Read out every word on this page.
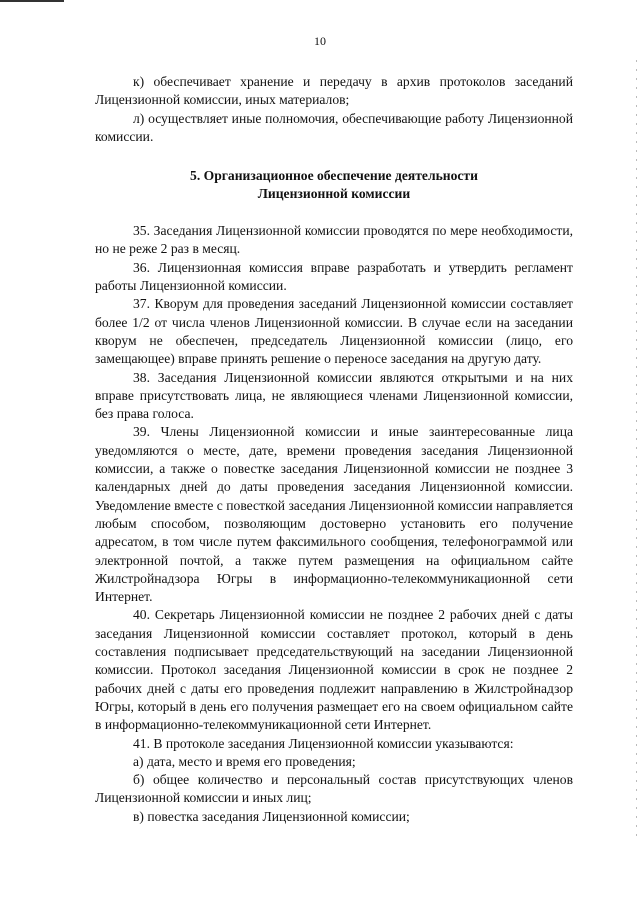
10

к) обеспечивает хранение и передачу в архив протоколов заседаний Лицензионной комиссии, иных материалов;

л) осуществляет иные полномочия, обеспечивающие работу Лицензионной комиссии.

5. Организационное обеспечение деятельности
Лицензионной комиссии

35. Заседания Лицензионной комиссии проводятся по мере необходимости, но не реже 2 раз в месяц.

36. Лицензионная комиссия вправе разработать и утвердить регламент работы Лицензионной комиссии.

37. Кворум для проведения заседаний Лицензионной комиссии составляет более 1/2 от числа членов Лицензионной комиссии. В случае если на заседании кворум не обеспечен, председатель Лицензионной комиссии (лицо, его замещающее) вправе принять решение о переносе заседания на другую дату.

38. Заседания Лицензионной комиссии являются открытыми и на них вправе присутствовать лица, не являющиеся членами Лицензионной комиссии, без права голоса.

39. Члены Лицензионной комиссии и иные заинтересованные лица уведомляются о месте, дате, времени проведения заседания Лицензионной комиссии, а также о повестке заседания Лицензионной комиссии не позднее 3 календарных дней до даты проведения заседания Лицензионной комиссии. Уведомление вместе с повесткой заседания Лицензионной комиссии направляется любым способом, позволяющим достоверно установить его получение адресатом, в том числе путем факсимильного сообщения, телефонограммой или электронной почтой, а также путем размещения на официальном сайте Жилстройнадзора Югры в информационно-телекоммуникационной сети Интернет.

40. Секретарь Лицензионной комиссии не позднее 2 рабочих дней с даты заседания Лицензионной комиссии составляет протокол, который в день составления подписывает председательствующий на заседании Лицензионной комиссии. Протокол заседания Лицензионной комиссии в срок не позднее 2 рабочих дней с даты его проведения подлежит направлению в Жилстройнадзор Югры, который в день его получения размещает его на своем официальном сайте в информационно-телекоммуникационной сети Интернет.

41. В протоколе заседания Лицензионной комиссии указываются:

а) дата, место и время его проведения;

б) общее количество и персональный состав присутствующих членов Лицензионной комиссии и иных лиц;

в) повестка заседания Лицензионной комиссии;
